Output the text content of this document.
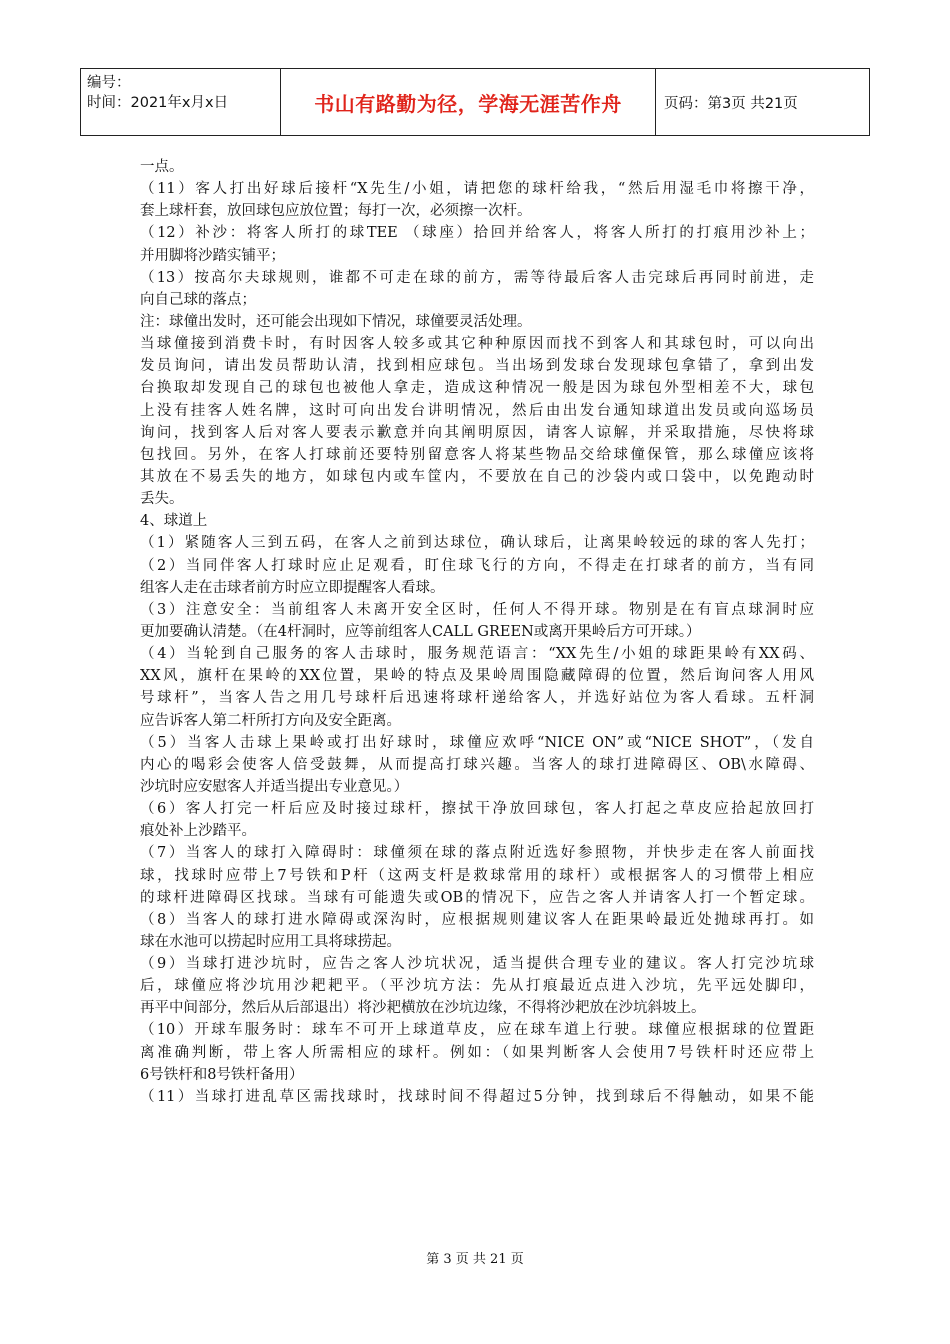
编号：
时间：2021年x月x日	书山有路勤为径，学海无涯苦作舟	页码：第3页 共21页
一点。
（11）客人打出好球后接杆“X先生/小姐，请把您的球杆给我，“然后用湿毛巾将擦干净，
套上球杆套，放回球包应放位置；每打一次，必须擦一次杆。
（12）补沙：将客人所打的球TEE （球座）拾回并给客人，将客人所打的打痕用沙补上；
并用脚将沙踏实铺平；
（13）按高尔夫球规则，谁都不可走在球的前方，需等待最后客人击完球后再同时前进，走
向自己球的落点；
注：球僮出发时，还可能会出现如下情况，球僮要灵活处理。
当球僮接到消费卡时，有时因客人较多或其它种种原因而找不到客人和其球包时，可以向出
发员询问，请出发员帮助认清，找到相应球包。当出场到发球台发现球包拿错了，拿到出发
台换取却发现自己的球包也被他人拿走，造成这种情况一般是因为球包外型相差不大，球包
上没有挂客人姓名牌，这时可向出发台讲明情况，然后由出发台通知球道出发员或向巡场员
询问，找到客人后对客人要表示歉意并向其阐明原因，请客人谅解，并采取措施，尽快将球
包找回。另外，在客人打球前还要特别留意客人将某些物品交给球僮保管，那么球僮应该将
其放在不易丢失的地方，如球包内或车筐内，不要放在自己的沙袋内或口袋中，以免跑动时
丢失。
4、球道上
（1）紧随客人三到五码，在客人之前到达球位，确认球后，让离果岭较远的球的客人先打；
（2）当同伴客人打球时应止足观看，盯住球飞行的方向，不得走在打球者的前方，当有同
组客人走在击球者前方时应立即提醒客人看球。
（3）注意安全：当前组客人未离开安全区时，任何人不得开球。物别是在有盲点球洞时应
更加要确认清楚。（在4杆洞时，应等前组客人CALL GREEN或离开果岭后方可开球。）
（4）当轮到自己服务的客人击球时，服务规范语言：“XX先生/小姐的球距果岭有XX码、
XX风，旗杆在果岭的XX位置，果岭的特点及果岭周围隐藏障碍的位置，然后询问客人用风
号球杆”，当客人告之用几号球杆后迅速将球杆递给客人，并选好站位为客人看球。五杆洞
应告诉客人第二杆所打方向及安全距离。
（5）当客人击球上果岭或打出好球时，球僮应欢呼“NICE ON”或“NICE SHOT”，（发自
内心的喝彩会使客人倍受鼓舞，从而提高打球兴趣。当客人的球打进障碍区、OB\水障碍、
沙坑时应安慰客人并适当提出专业意见。）
（6）客人打完一杆后应及时接过球杆，擦拭干净放回球包，客人打起之草皮应拾起放回打
痕处补上沙踏平。
（7）当客人的球打入障碍时：球僮须在球的落点附近选好参照物，并快步走在客人前面找
球，找球时应带上7号铁和P杆（这两支杆是救球常用的球杆）或根据客人的习惯带上相应
的球杆进障碍区找球。当球有可能遗失或OB的情况下，应告之客人并请客人打一个暂定球。
（8）当客人的球打进水障碍或深沟时，应根据规则建议客人在距果岭最近处抛球再打。如
球在水池可以捞起时应用工具将球捞起。
（9）当球打进沙坑时，应告之客人沙坑状况，适当提供合理专业的建议。客人打完沙坑球
后，球僮应将沙坑用沙耙耙平。（平沙坑方法：先从打痕最近点进入沙坑，先平远处脚印，
再平中间部分，然后从后部退出）将沙耙横放在沙坑边缘，不得将沙耙放在沙坑斜坡上。
（10）开球车服务时：球车不可开上球道草皮，应在球车道上行驶。球僮应根据球的位置距
离准确判断，带上客人所需相应的球杆。例如：（如果判断客人会使用7号铁杆时还应带上
6号铁杆和8号铁杆备用）
（11）当球打进乱草区需找球时，找球时间不得超过5分钟，找到球后不得触动，如果不能
第 3 页 共 21 页
